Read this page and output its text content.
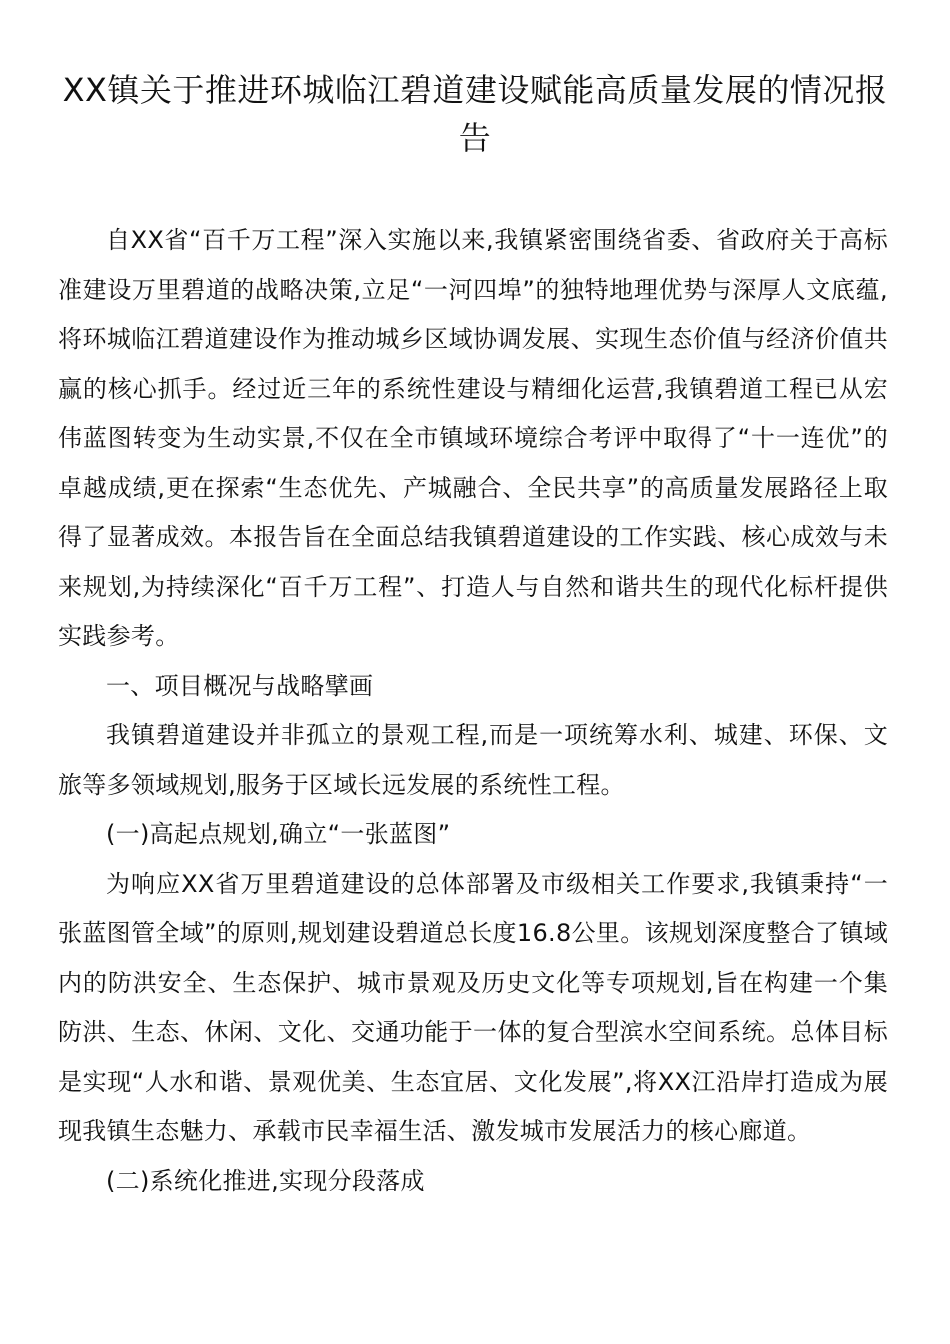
XX镇关于推进环城临江碧道建设赋能高质量发展的情况报告

自XX省“百千万工程”深入实施以来,我镇紧密围绕省委、省政府关于高标准建设万里碧道的战略决策,立足“一河四埠”的独特地理优势与深厚人文底蕴,将环城临江碧道建设作为推动城乡区域协调发展、实现生态价值与经济价值共赢的核心抓手。经过近三年的系统性建设与精细化运营,我镇碧道工程已从宏伟蓝图转变为生动实景,不仅在全市镇域环境综合考评中取得了“十一连优”的卓越成绩,更在探索“生态优先、产城融合、全民共享”的高质量发展路径上取得了显著成效。本报告旨在全面总结我镇碧道建设的工作实践、核心成效与未来规划,为持续深化“百千万工程”、打造人与自然和谐共生的现代化标杆提供实践参考。

一、项目概况与战略擘画

我镇碧道建设并非孤立的景观工程,而是一项统筹水利、城建、环保、文旅等多领域规划,服务于区域长远发展的系统性工程。

(一)高起点规划,确立“一张蓝图”

为响应XX省万里碧道建设的总体部署及市级相关工作要求,我镇秉持“一张蓝图管全域”的原则,规划建设碧道总长度16.8公里。该规划深度整合了镇域内的防洪安全、生态保护、城市景观及历史文化等专项规划,旨在构建一个集防洪、生态、休闲、文化、交通功能于一体的复合型滨水空间系统。总体目标是实现“人水和谐、景观优美、生态宜居、文化发展”,将XX江沿岸打造成为展现我镇生态魅力、承载市民幸福生活、激发城市发展活力的核心廊道。

(二)系统化推进,实现分段落成
